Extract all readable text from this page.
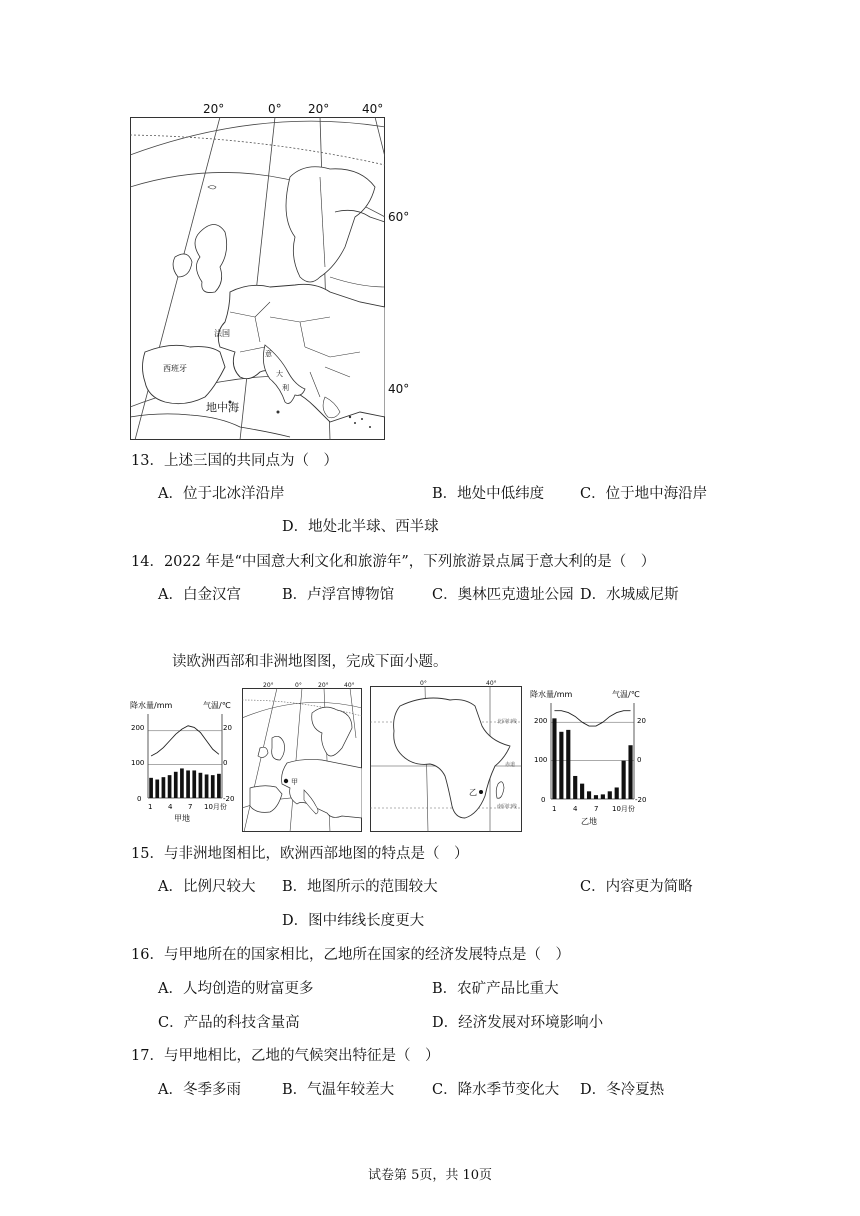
20°	0° 20°	40°
60°
40°
法国
西班牙
地中海
意
大
利
13．上述三国的共同点为（　）
A．位于北冰洋沿岸	B．地处中低纬度 C．位于地中海沿岸
D．地处北半球、西半球
14．2022 年是“中国意大利文化和旅游年”，下列旅游景点属于意大利的是（　）
A．白金汉宫	B．卢浮宫博物馆	C．奥林匹克遗址公园 D．水城威尼斯
读欧洲西部和非洲地图图，完成下面小题。
降水量/mm	气温/℃
200
100
0
20
0
-20
1 4 7 10月份
甲地
20°	0°	20°	40°
甲
0°	40°
北回归线
赤道
南回归线
乙
降水量/mm	气温/℃
200
100
0
20
0
-20
1 4 7 10月份
乙地
15．与非洲地图相比，欧洲西部地图的特点是（　）
A．比例尺较大 B．地图所示的范围较大	C．内容更为简略
D．图中纬线长度更大
16．与甲地所在的国家相比，乙地所在国家的经济发展特点是（　）
A．人均创造的财富更多	B．农矿产品比重大
C．产品的科技含量高	D．经济发展对环境影响小
17．与甲地相比，乙地的气候突出特征是（　）
A．冬季多雨	B．气温年较差大	C．降水季节变化大 D．冬冷夏热
试卷第 5页，共 10页
